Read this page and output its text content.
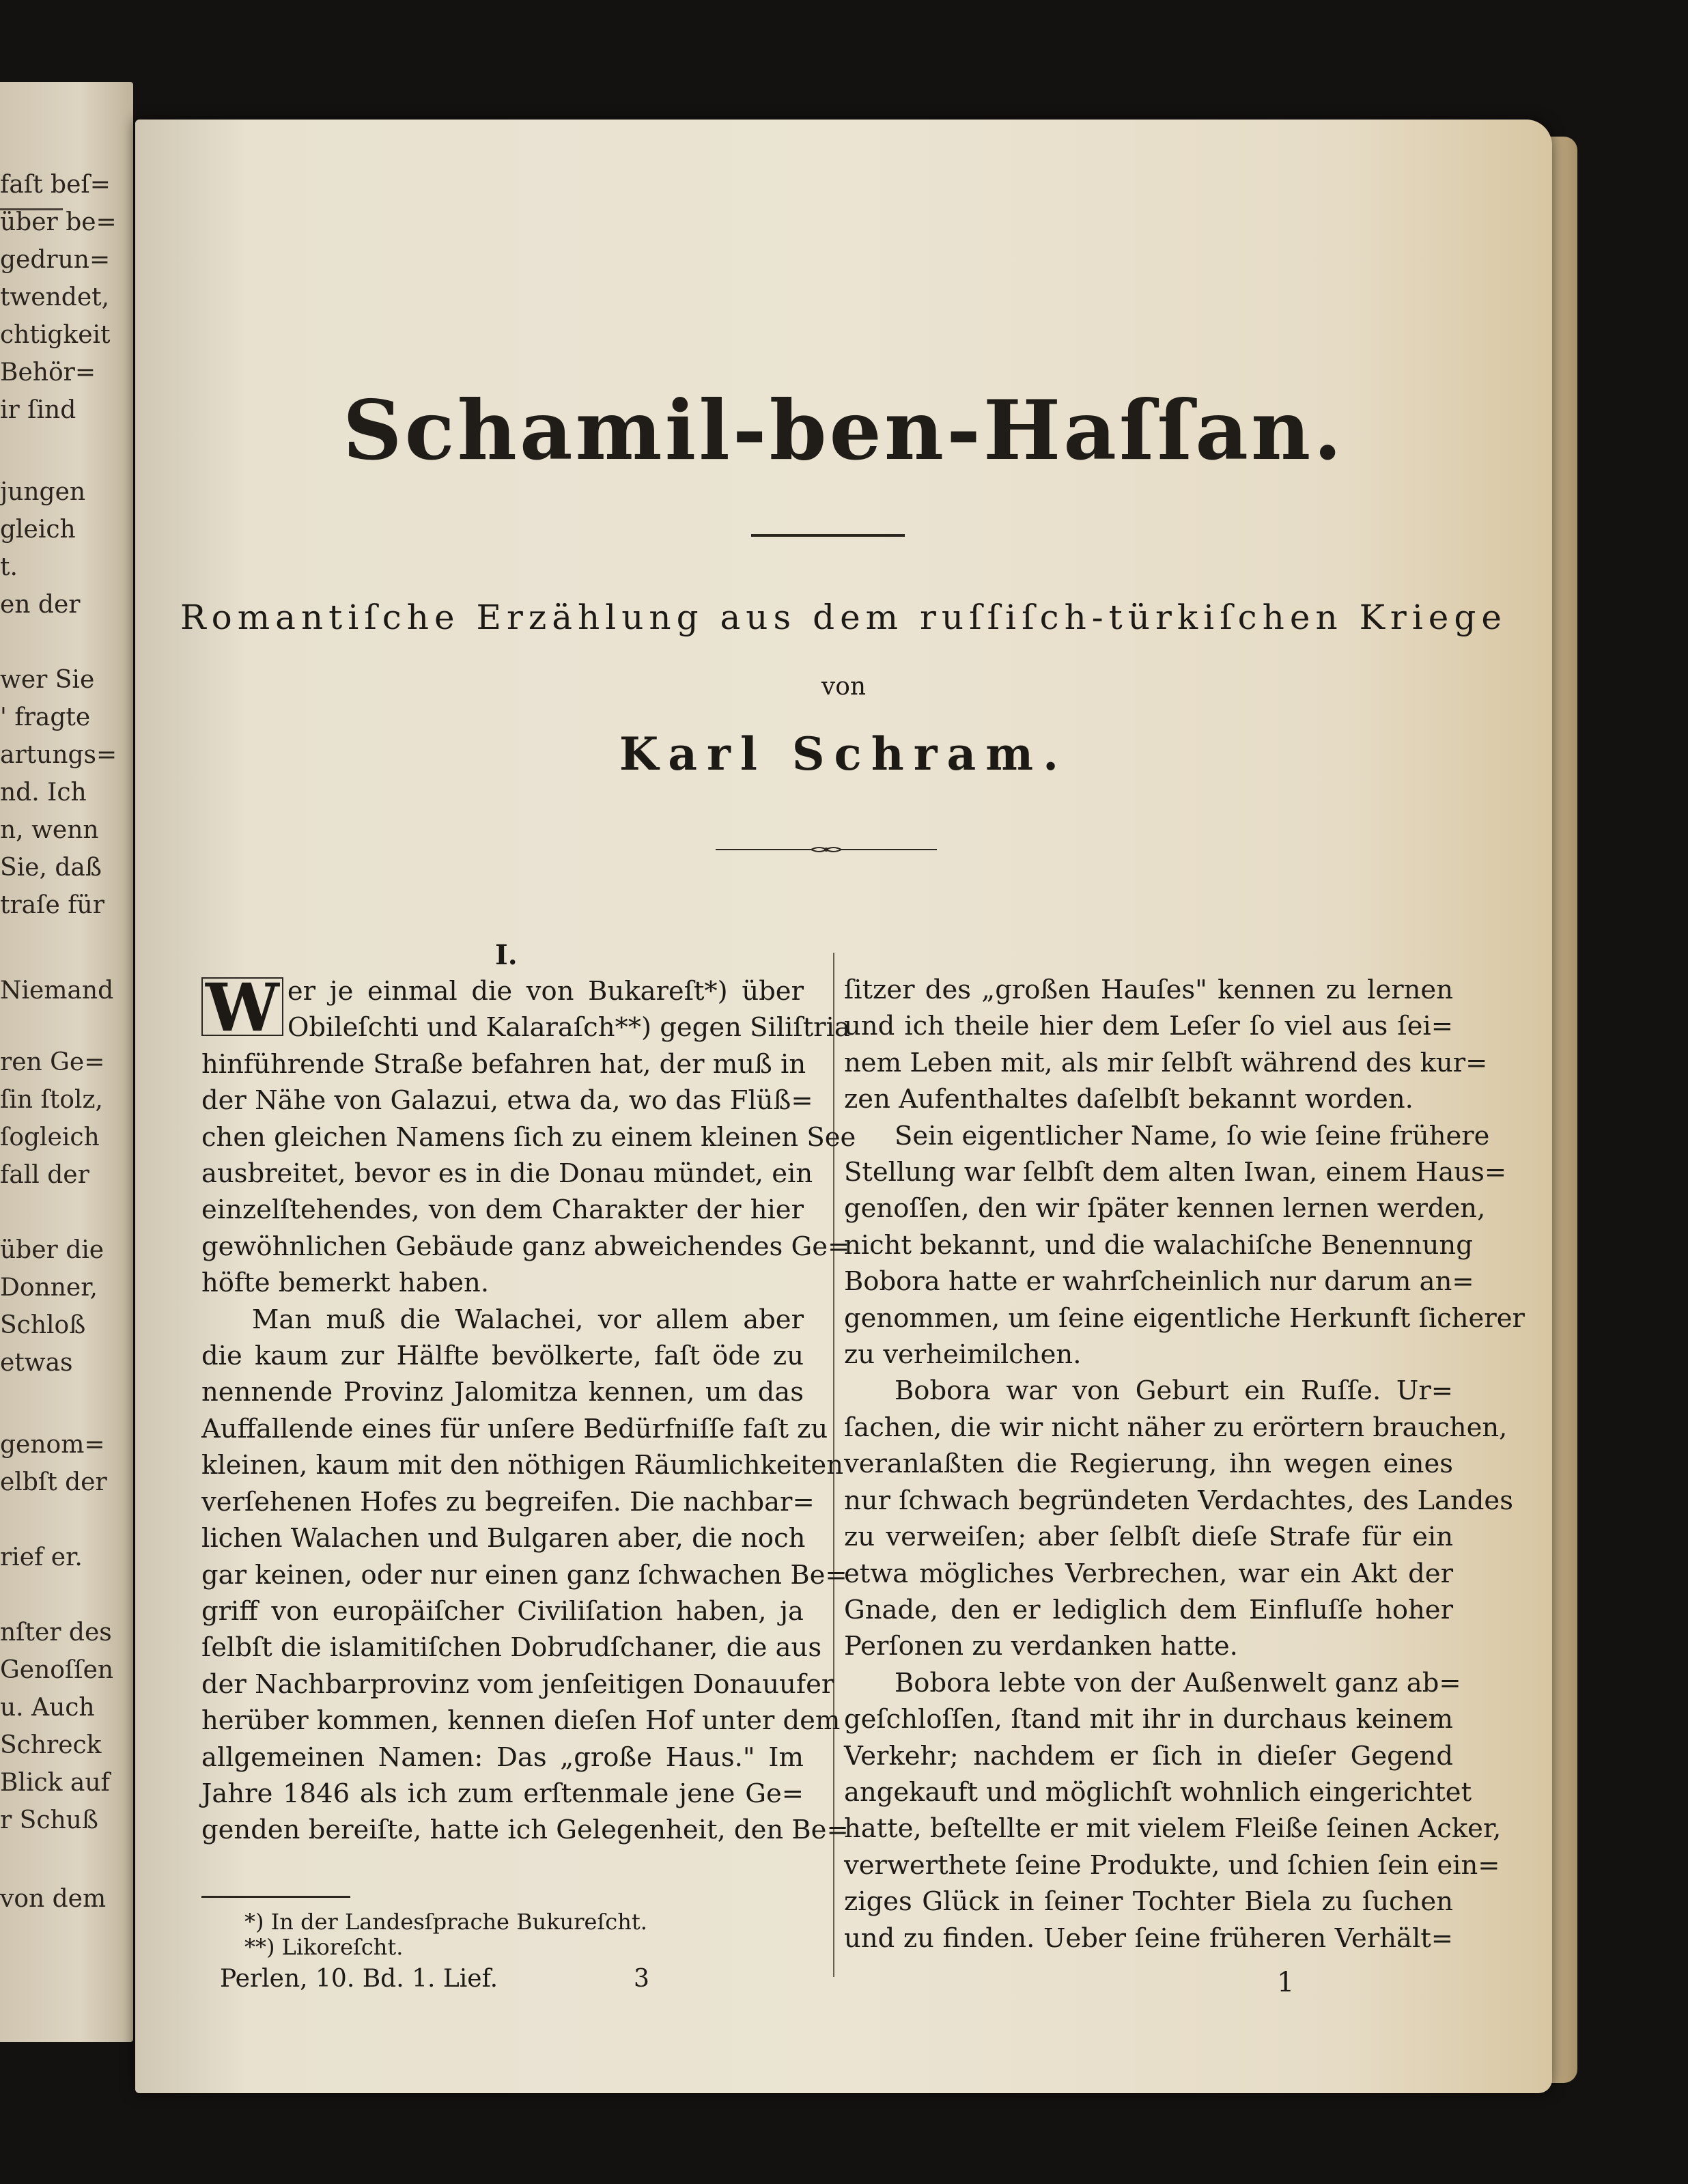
faſt beſ=
über be=
gedrun=
twendet,
chtigkeit
Behör=
ir ſind
jungen
gleich
t.
en der
wer Sie
' fragte
artungs=
nd. Ich
n, wenn
Sie, daß
traſe für
Niemand
ren Ge=
ſin ſtolz,
ſogleich
fall der
über die
Donner,
Schloß
etwas
genom=
elbſt der
rief er.
nſter des
Genoſſen
u. Auch
Schreck
Blick auf
r Schuß
von dem
Schamil-ben-Haſſan.
Romantiſche Erzählung aus dem ruſſiſch-türkiſchen Kriege
von
Karl Schram.
I.
W er je einmal die von Bukareſt*) über
Obileſchti und Kalaraſch**) gegen Siliſtria
hinführende Straße befahren hat, der muß in
der Nähe von Galazui, etwa da, wo das Flüß=
chen gleichen Namens ſich zu einem kleinen See
ausbreitet, bevor es in die Donau mündet, ein
einzelſtehendes, von dem Charakter der hier
gewöhnlichen Gebäude ganz abweichendes Ge=
höfte bemerkt haben.
Man muß die Walachei, vor allem aber
die kaum zur Hälfte bevölkerte, faſt öde zu
nennende Provinz Jalomitza kennen, um das
Auffallende eines für unſere Bedürfniſſe faſt zu
kleinen, kaum mit den nöthigen Räumlichkeiten
verſehenen Hofes zu begreifen. Die nachbar=
lichen Walachen und Bulgaren aber, die noch
gar keinen, oder nur einen ganz ſchwachen Be=
griff von europäiſcher Civiliſation haben, ja
ſelbſt die islamitiſchen Dobrudſchaner, die aus
der Nachbarprovinz vom jenſeitigen Donauufer
herüber kommen, kennen dieſen Hof unter dem
allgemeinen Namen: Das „große Haus." Im
Jahre 1846 als ich zum erſtenmale jene Ge=
genden bereiſte, hatte ich Gelegenheit, den Be=
ſitzer des „großen Hauſes" kennen zu lernen
und ich theile hier dem Leſer ſo viel aus ſei=
nem Leben mit, als mir ſelbſt während des kur=
zen Aufenthaltes daſelbſt bekannt worden.
Sein eigentlicher Name, ſo wie ſeine frühere
Stellung war ſelbſt dem alten Iwan, einem Haus=
genoſſen, den wir ſpäter kennen lernen werden,
nicht bekannt, und die walachiſche Benennung
Bobora hatte er wahrſcheinlich nur darum an=
genommen, um ſeine eigentliche Herkunft ſicherer
zu verheimilchen.
Bobora war von Geburt ein Ruſſe. Ur=
ſachen, die wir nicht näher zu erörtern brauchen,
veranlaßten die Regierung, ihn wegen eines
nur ſchwach begründeten Verdachtes, des Landes
zu verweiſen; aber ſelbſt dieſe Strafe für ein
etwa mögliches Verbrechen, war ein Akt der
Gnade, den er lediglich dem Einfluſſe hoher
Perſonen zu verdanken hatte.
Bobora lebte von der Außenwelt ganz ab=
geſchloſſen, ſtand mit ihr in durchaus keinem
Verkehr; nachdem er ſich in dieſer Gegend
angekauft und möglichſt wohnlich eingerichtet
hatte, beſtellte er mit vielem Fleiße ſeinen Acker,
verwerthete ſeine Produkte, und ſchien ſein ein=
ziges Glück in ſeiner Tochter Biela zu ſuchen
und zu finden. Ueber ſeine früheren Verhält=
*) In der Landesſprache Bukureſcht.
**) Likoreſcht.
Perlen, 10. Bd. 1. Lief.	3	1
